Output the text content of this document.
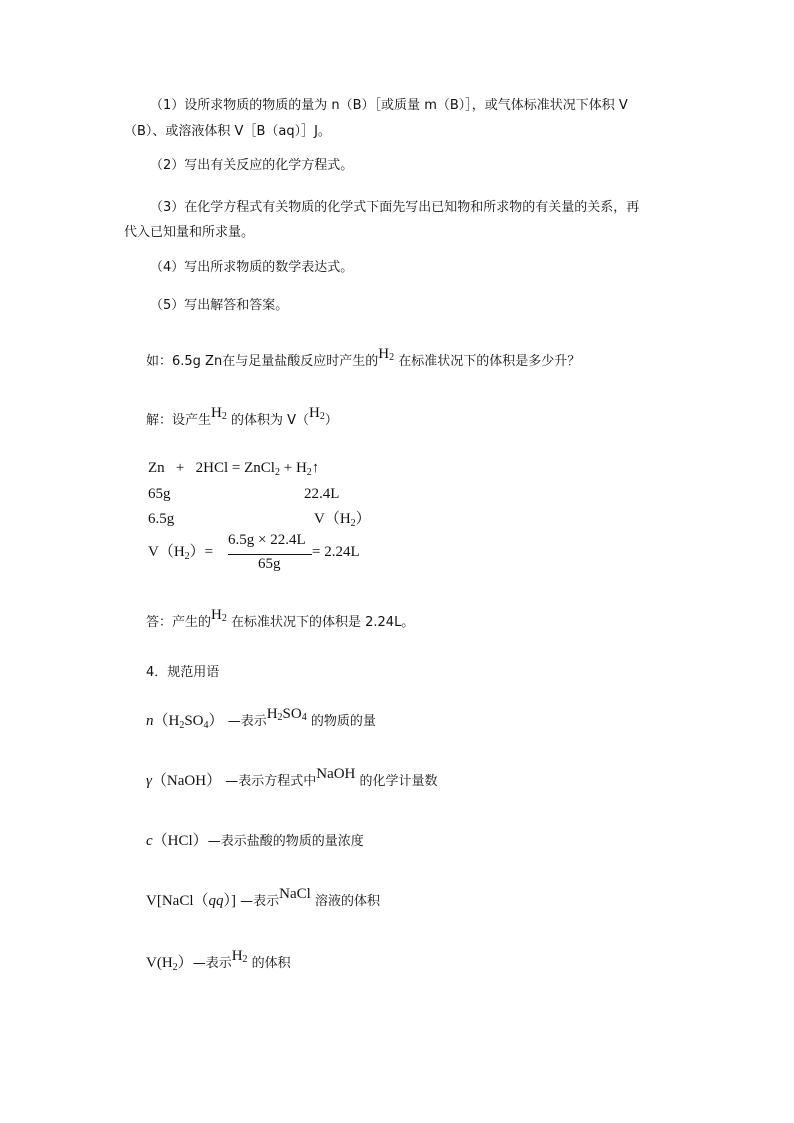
（1）设所求物质的物质的量为 n（B）［或质量 m（B）］，或气体标准状况下体积 V
（B）、或溶液体积 V［B（aq）］J。
（2）写出有关反应的化学方程式。
（3）在化学方程式有关物质的化学式下面先写出已知物和所求物的有关量的关系，再
代入已知量和所求量。
（4）写出所求物质的数学表达式。
（5）写出解答和答案。
如：6.5g Zn在与足量盐酸反应时产生的$H_2$ 在标准状况下的体积是多少升？
解：设产生$H_2$ 的体积为 $V(H_2)$
Zn + 2HCl = ZnCl$_2$ + $H_2↑$
65g	22.4L
6.5g	$V(H_2)$
$V(H_2)=$
6.5g × 22.4L
65g
= 2.24L
答：产生的$H_2$ 在标准状况下的体积是 2.24L。
4．规范用语
$n(H_2SO_4)$ —表示$H_2SO_4$ 的物质的量
γ（NaOH） —表示方程式中NaOH 的化学计量数
c（HCl）—表示盐酸的物质的量浓度
V[NaCl（qq）] —表示NaCl 溶液的体积
$V(H_2)—$表示$H_2$ 的体积
